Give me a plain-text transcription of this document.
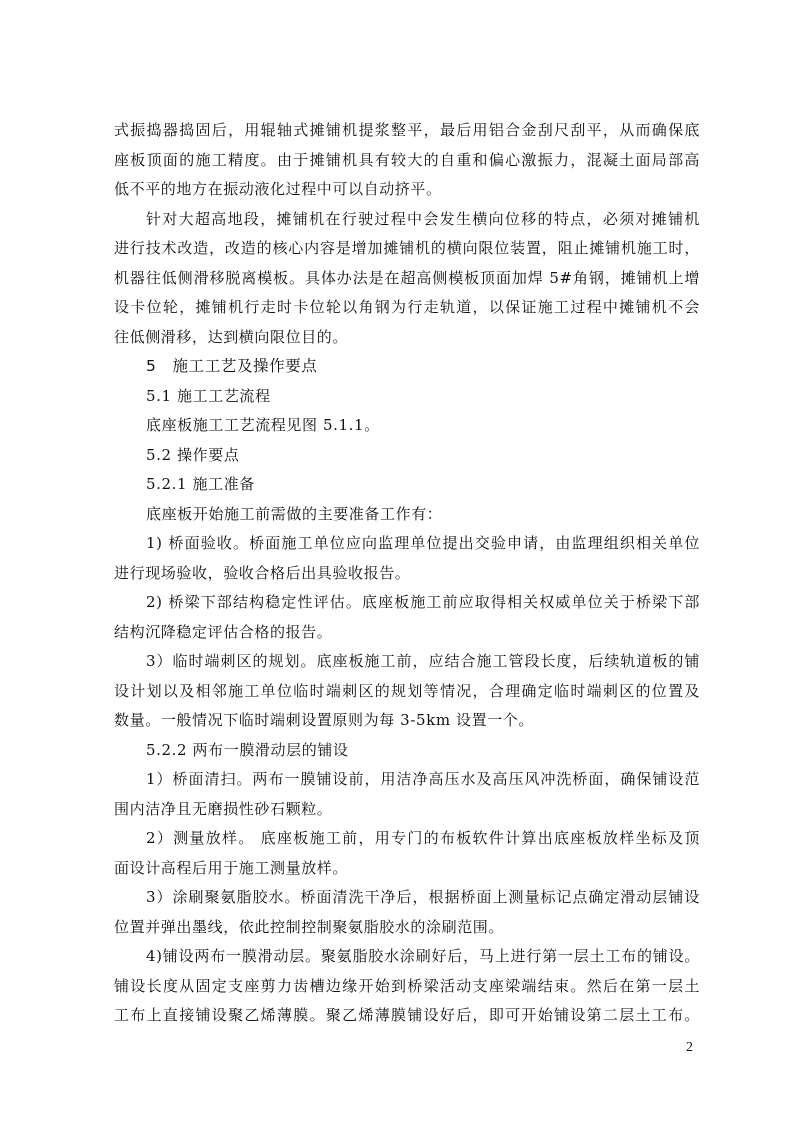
式振捣器捣固后，用辊轴式摊铺机提浆整平，最后用铝合金刮尺刮平，从而确保底
座板顶面的施工精度。由于摊铺机具有较大的自重和偏心激振力，混凝土面局部高
低不平的地方在振动液化过程中可以自动挤平。
针对大超高地段，摊铺机在行驶过程中会发生横向位移的特点，必须对摊铺机
进行技术改造，改造的核心内容是增加摊铺机的横向限位装置，阻止摊铺机施工时，
机器往低侧滑移脱离模板。具体办法是在超高侧模板顶面加焊 5#角钢，摊铺机上增
设卡位轮，摊铺机行走时卡位轮以角钢为行走轨道，以保证施工过程中摊铺机不会
往低侧滑移，达到横向限位目的。
5　施工工艺及操作要点
5.1 施工工艺流程
底座板施工工艺流程见图 5.1.1。
5.2 操作要点
5.2.1 施工准备
底座板开始施工前需做的主要准备工作有：
1) 桥面验收。桥面施工单位应向监理单位提出交验申请，由监理组织相关单位
进行现场验收，验收合格后出具验收报告。
2) 桥梁下部结构稳定性评估。底座板施工前应取得相关权威单位关于桥梁下部
结构沉降稳定评估合格的报告。
3）临时端刺区的规划。底座板施工前，应结合施工管段长度，后续轨道板的铺
设计划以及相邻施工单位临时端刺区的规划等情况，合理确定临时端刺区的位置及
数量。一般情况下临时端刺设置原则为每 3-5km 设置一个。
5.2.2 两布一膜滑动层的铺设
1）桥面清扫。两布一膜铺设前，用洁净高压水及高压风冲洗桥面，确保铺设范
围内洁净且无磨损性砂石颗粒。
2）测量放样。 底座板施工前，用专门的布板软件计算出底座板放样坐标及顶
面设计高程后用于施工测量放样。
3）涂刷聚氨脂胶水。桥面清洗干净后，根据桥面上测量标记点确定滑动层铺设
位置并弹出墨线，依此控制控制聚氨脂胶水的涂刷范围。
4)铺设两布一膜滑动层。聚氨脂胶水涂刷好后，马上进行第一层土工布的铺设。
铺设长度从固定支座剪力齿槽边缘开始到桥梁活动支座梁端结束。然后在第一层土
工布上直接铺设聚乙烯薄膜。聚乙烯薄膜铺设好后，即可开始铺设第二层土工布。
2
